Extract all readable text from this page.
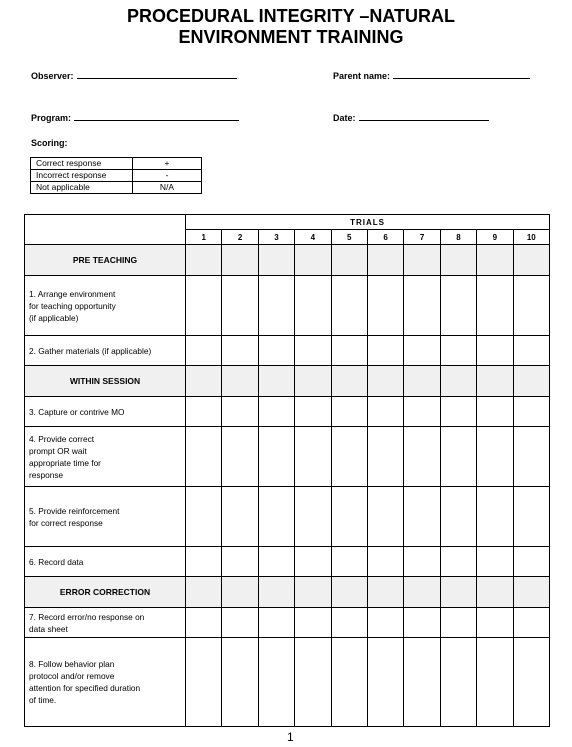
PROCEDURAL INTEGRITY –NATURAL
ENVIRONMENT TRAINING
Observer:	Parent name:
Program:	Date:
Scoring:
Correct response	+
Incorrect response	-
Not applicable	N/A
	TRIALS									
	1	2	3	4	5	6	7	8	9	10
PRE TEACHING										

1. Arrange environment
for teaching opportunity
(if applicable)										

2. Gather materials (if applicable)										

WITHIN SESSION										

3. Capture or contrive MO										

4. Provide correct
prompt OR wait
appropriate time for
response										

5. Provide reinforcement
for correct response										

6. Record data										

ERROR CORRECTION										

7. Record error/no response on
data sheet										

8. Follow behavior plan
protocol and/or remove
attention for specified duration
of time.										

1
